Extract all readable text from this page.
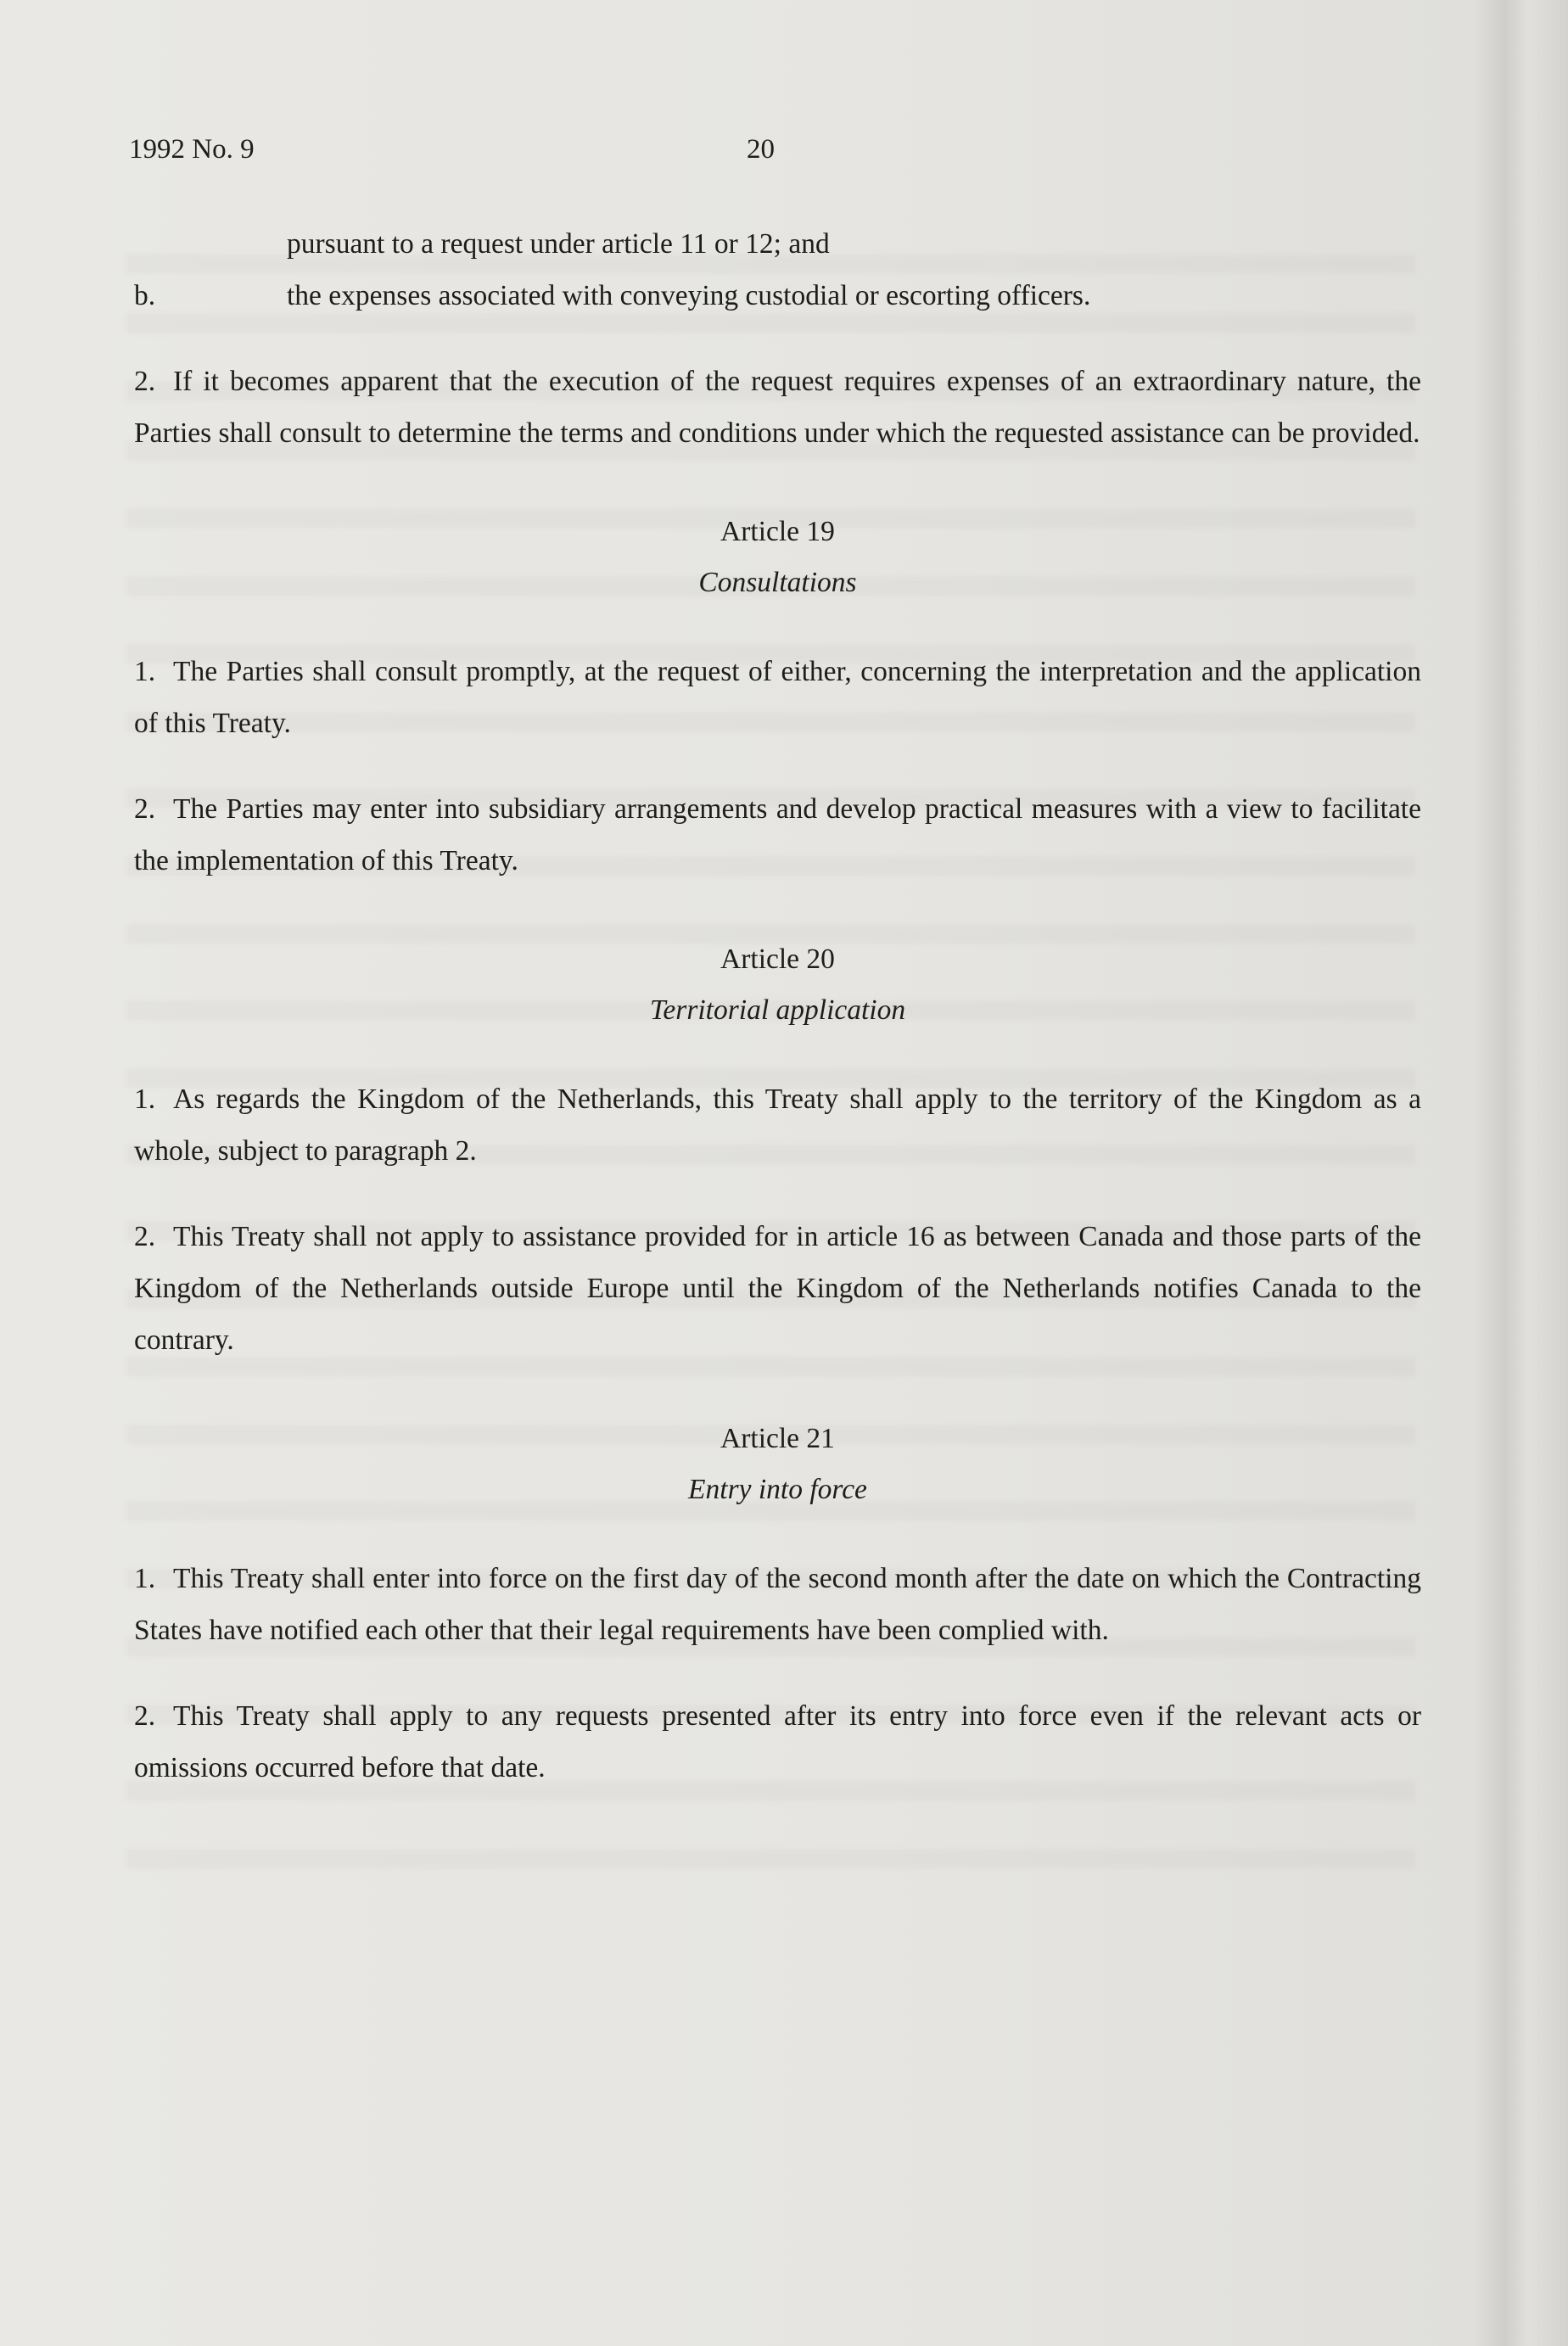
1992 No. 9	20

pursuant to a request under article 11 or 12; and

b.	the expenses associated with conveying custodial or escorting officers.

2. If it becomes apparent that the execution of the request requires expenses of an extraordinary nature, the Parties shall consult to determine the terms and conditions under which the requested assistance can be provided.

Article 19
Consultations

1. The Parties shall consult promptly, at the request of either, concerning the interpretation and the application of this Treaty.

2. The Parties may enter into subsidiary arrangements and develop practical measures with a view to facilitate the implementation of this Treaty.

Article 20
Territorial application

1. As regards the Kingdom of the Netherlands, this Treaty shall apply to the territory of the Kingdom as a whole, subject to paragraph 2.

2. This Treaty shall not apply to assistance provided for in article 16 as between Canada and those parts of the Kingdom of the Netherlands outside Europe until the Kingdom of the Netherlands notifies Canada to the contrary.

Article 21
Entry into force

1. This Treaty shall enter into force on the first day of the second month after the date on which the Contracting States have notified each other that their legal requirements have been complied with.

2. This Treaty shall apply to any requests presented after its entry into force even if the relevant acts or omissions occurred before that date.
